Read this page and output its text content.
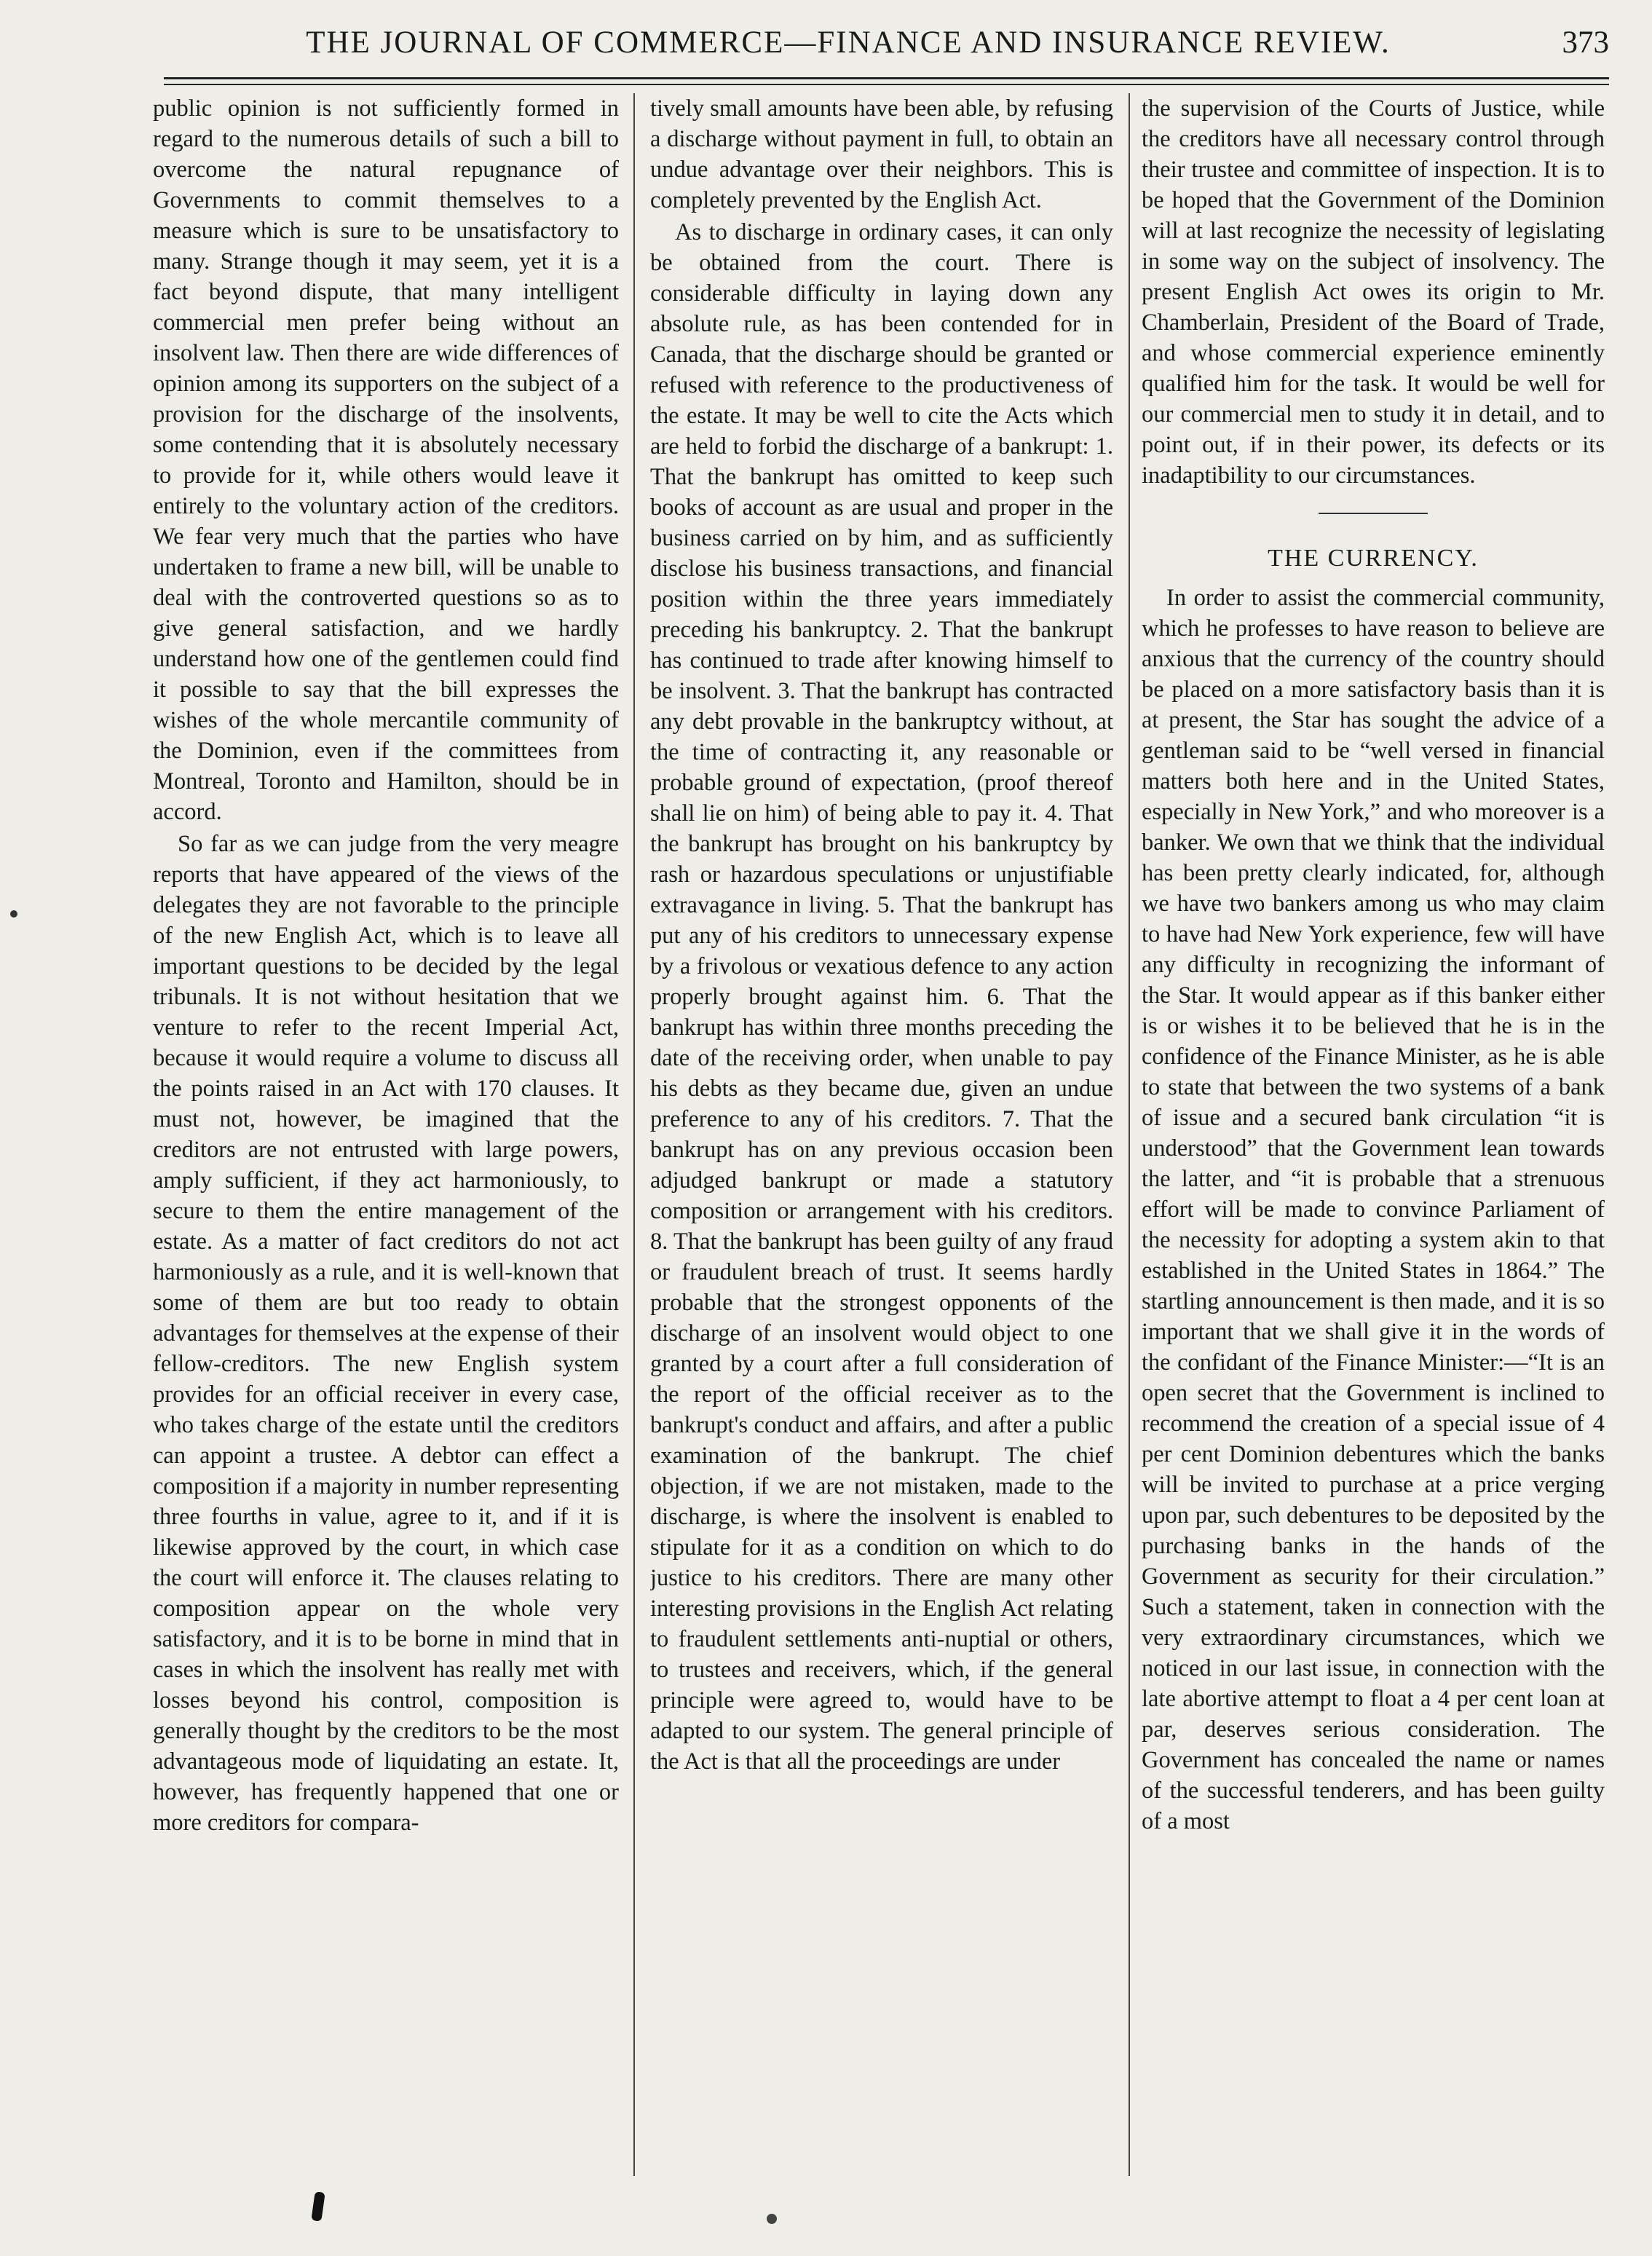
THE JOURNAL OF COMMERCE—FINANCE AND INSURANCE REVIEW.	373

public opinion is not sufficiently formed in regard to the numerous details of such a bill to overcome the natural repugnance of Governments to commit themselves to a measure which is sure to be unsatisfactory to many. Strange though it may seem, yet it is a fact beyond dispute, that many intelligent commercial men prefer being without an insolvent law. Then there are wide differences of opinion among its supporters on the subject of a provision for the discharge of the insolvents, some contending that it is absolutely necessary to provide for it, while others would leave it entirely to the voluntary action of the creditors. We fear very much that the parties who have undertaken to frame a new bill, will be unable to deal with the controverted questions so as to give general satisfaction, and we hardly understand how one of the gentlemen could find it possible to say that the bill expresses the wishes of the whole mercantile community of the Dominion, even if the committees from Montreal, Toronto and Hamilton, should be in accord.

So far as we can judge from the very meagre reports that have appeared of the views of the delegates they are not favorable to the principle of the new English Act, which is to leave all important questions to be decided by the legal tribunals. It is not without hesitation that we venture to refer to the recent Imperial Act, because it would require a volume to discuss all the points raised in an Act with 170 clauses. It must not, however, be imagined that the creditors are not entrusted with large powers, amply sufficient, if they act harmoniously, to secure to them the entire management of the estate. As a matter of fact creditors do not act harmoniously as a rule, and it is well-known that some of them are but too ready to obtain advantages for themselves at the expense of their fellow-creditors. The new English system provides for an official receiver in every case, who takes charge of the estate until the creditors can appoint a trustee. A debtor can effect a composition if a majority in number representing three fourths in value, agree to it, and if it is likewise approved by the court, in which case the court will enforce it. The clauses relating to composition appear on the whole very satisfactory, and it is to be borne in mind that in cases in which the insolvent has really met with losses beyond his control, composition is generally thought by the creditors to be the most advantageous mode of liquidating an estate. It, however, has frequently happened that one or more creditors for compara-

tively small amounts have been able, by refusing a discharge without payment in full, to obtain an undue advantage over their neighbors. This is completely prevented by the English Act.

As to discharge in ordinary cases, it can only be obtained from the court. There is considerable difficulty in laying down any absolute rule, as has been contended for in Canada, that the discharge should be granted or refused with reference to the productiveness of the estate. It may be well to cite the Acts which are held to forbid the discharge of a bankrupt: 1. That the bankrupt has omitted to keep such books of account as are usual and proper in the business carried on by him, and as sufficiently disclose his business transactions, and financial position within the three years immediately preceding his bankruptcy. 2. That the bankrupt has continued to trade after knowing himself to be insolvent. 3. That the bankrupt has contracted any debt provable in the bankruptcy without, at the time of contracting it, any reasonable or probable ground of expectation, (proof thereof shall lie on him) of being able to pay it. 4. That the bankrupt has brought on his bankruptcy by rash or hazardous speculations or unjustifiable extravagance in living. 5. That the bankrupt has put any of his creditors to unnecessary expense by a frivolous or vexatious defence to any action properly brought against him. 6. That the bankrupt has within three months preceding the date of the receiving order, when unable to pay his debts as they became due, given an undue preference to any of his creditors. 7. That the bankrupt has on any previous occasion been adjudged bankrupt or made a statutory composition or arrangement with his creditors. 8. That the bankrupt has been guilty of any fraud or fraudulent breach of trust. It seems hardly probable that the strongest opponents of the discharge of an insolvent would object to one granted by a court after a full consideration of the report of the official receiver as to the bankrupt's conduct and affairs, and after a public examination of the bankrupt. The chief objection, if we are not mistaken, made to the discharge, is where the insolvent is enabled to stipulate for it as a condition on which to do justice to his creditors. There are many other interesting provisions in the English Act relating to fraudulent settlements anti-nuptial or others, to trustees and receivers, which, if the general principle were agreed to, would have to be adapted to our system. The general principle of the Act is that all the proceedings are under

the supervision of the Courts of Justice, while the creditors have all necessary control through their trustee and committee of inspection. It is to be hoped that the Government of the Dominion will at last recognize the necessity of legislating in some way on the subject of insolvency. The present English Act owes its origin to Mr. Chamberlain, President of the Board of Trade, and whose commercial experience eminently qualified him for the task. It would be well for our commercial men to study it in detail, and to point out, if in their power, its defects or its inadaptibility to our circumstances.

THE CURRENCY.

In order to assist the commercial community, which he professes to have reason to believe are anxious that the currency of the country should be placed on a more satisfactory basis than it is at present, the Star has sought the advice of a gentleman said to be “well versed in financial matters both here and in the United States, especially in New York,” and who moreover is a banker. We own that we think that the individual has been pretty clearly indicated, for, although we have two bankers among us who may claim to have had New York experience, few will have any difficulty in recognizing the informant of the Star. It would appear as if this banker either is or wishes it to be believed that he is in the confidence of the Finance Minister, as he is able to state that between the two systems of a bank of issue and a secured bank circulation “it is understood” that the Government lean towards the latter, and “it is probable that a strenuous effort will be made to convince Parliament of the necessity for adopting a system akin to that established in the United States in 1864.” The startling announcement is then made, and it is so important that we shall give it in the words of the confidant of the Finance Minister:—“It is an open secret that the Government is inclined to recommend the creation of a special issue of 4 per cent Dominion debentures which the banks will be invited to purchase at a price verging upon par, such debentures to be deposited by the purchasing banks in the hands of the Government as security for their circulation.” Such a statement, taken in connection with the very extraordinary circumstances, which we noticed in our last issue, in connection with the late abortive attempt to float a 4 per cent loan at par, deserves serious consideration. The Government has concealed the name or names of the successful tenderers, and has been guilty of a most
